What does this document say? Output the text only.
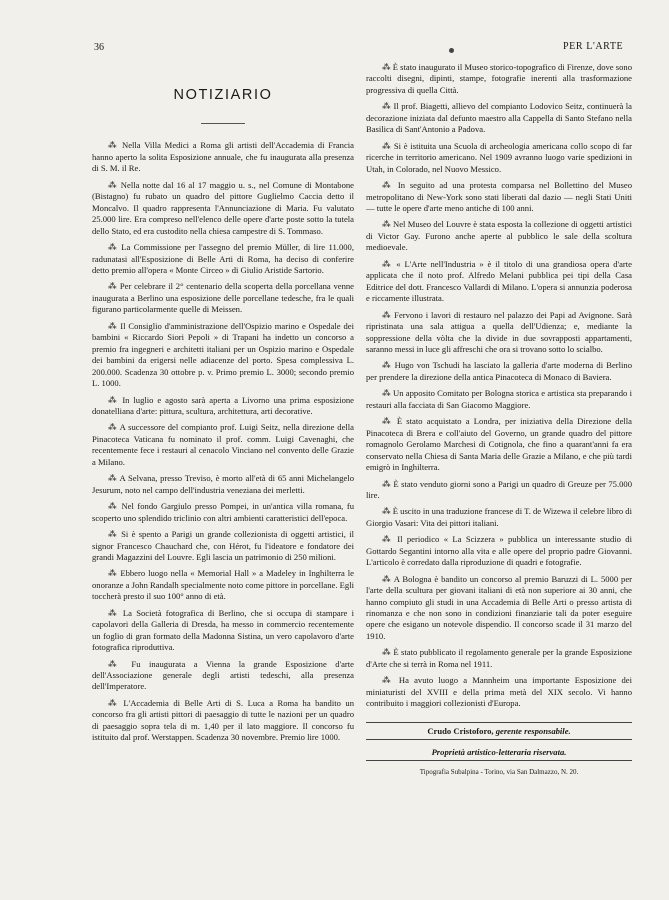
36	PER L'ARTE
NOTIZIARIO

⁂ Nella Villa Medici a Roma gli artisti dell'Accademia di Francia hanno aperto la solita Esposizione annuale, che fu inaugurata alla presenza di S. M. il Re.

⁂ Nella notte dal 16 al 17 maggio u. s., nel Comune di Montabone (Bistagno) fu rubato un quadro del pittore Guglielmo Caccia detto il Moncalvo. Il quadro rappresenta l'Annunciazione di Maria. Fu valutato 25.000 lire. Era compreso nell'elenco delle opere d'arte poste sotto la tutela dello Stato, ed era custodito nella chiesa campestre di S. Tommaso.

⁂ La Commissione per l'assegno del premio Müller, di lire 11.000, radunatasi all'Esposizione di Belle Arti di Roma, ha deciso di conferire detto premio all'opera « Monte Circeo » di Giulio Aristide Sartorio.

⁂ Per celebrare il 2° centenario della scoperta della porcellana venne inaugurata a Berlino una esposizione delle porcellane tedesche, fra le quali figurano particolarmente quelle di Meissen.

⁂ Il Consiglio d'amministrazione dell'Ospizio marino e Ospedale dei bambini « Riccardo Siori Pepoli » di Trapani ha indetto un concorso a premio fra ingegneri e architetti italiani per un Ospizio marino e Ospedale dei bambini da erigersi nelle adiacenze del porto. Spesa complessiva L. 200.000. Scadenza 30 ottobre p. v. Primo premio L. 3000; secondo premio L. 1000.

⁂ In luglio e agosto sarà aperta a Livorno una prima esposizione donatelliana d'arte: pittura, scultura, architettura, arti decorative.

⁂ A successore del compianto prof. Luigi Seitz, nella direzione della Pinacoteca Vaticana fu nominato il prof. comm. Luigi Cavenaghi, che recentemente fece i restauri al cenacolo Vinciano nel convento delle Grazie a Milano.

⁂ A Selvana, presso Treviso, è morto all'età di 65 anni Michelangelo Jesurum, noto nel campo dell'industria veneziana dei merletti.

⁂ Nel fondo Gargiulo presso Pompei, in un'antica villa romana, fu scoperto uno splendido triclinio con altri ambienti caratteristici dell'epoca.

⁂ Si è spento a Parigi un grande collezionista di oggetti artistici, il signor Francesco Chauchard che, con Hérot, fu l'ideatore e fondatore dei grandi Magazzini del Louvre. Egli lascia un patrimonio di 250 milioni.

⁂ Ebbero luogo nella « Memorial Hall » a Madeley in Inghilterra le onoranze a John Randalh specialmente noto come pittore in porcellane. Egli toccherà presto il suo 100° anno di età.

⁂ La Società fotografica di Berlino, che si occupa di stampare i capolavori della Galleria di Dresda, ha messo in commercio recentemente un foglio di gran formato della Madonna Sistina, un vero capolavoro d'arte fotografica riproduttiva.

⁂ Fu inaugurata a Vienna la grande Esposizione d'arte dell'Associazione generale degli artisti tedeschi, alla presenza dell'Imperatore.

⁂ L'Accademia di Belle Arti di S. Luca a Roma ha bandito un concorso fra gli artisti pittori di paesaggio di tutte le nazioni per un quadro di paesaggio sopra tela di m. 1,40 per il lato maggiore. Il concorso fu istituito dal prof. Werstappen. Scadenza 30 novembre. Premio lire 1000.

⁂ È stato inaugurato il Museo storico-topografico di Firenze, dove sono raccolti disegni, dipinti, stampe, fotografie inerenti alla trasformazione progressiva di quella Città.

⁂ Il prof. Biagetti, allievo del compianto Lodovico Seitz, continuerà la decorazione iniziata dal defunto maestro alla Cappella di Santo Stefano nella Basilica di Sant'Antonio a Padova.

⁂ Si è istituita una Scuola di archeologia americana collo scopo di far ricerche in territorio americano. Nel 1909 avranno luogo varie spedizioni in Utah, in Colorado, nel Nuovo Messico.

⁂ In seguito ad una protesta comparsa nel Bollettino del Museo metropolitano di New-York sono stati liberati dal dazio — negli Stati Uniti — tutte le opere d'arte meno antiche di 100 anni.

⁂ Nel Museo del Louvre è stata esposta la collezione di oggetti artistici di Victor Gay. Furono anche aperte al pubblico le sale della scoltura medioevale.

⁂ « L'Arte nell'Industria » è il titolo di una grandiosa opera d'arte applicata che il noto prof. Alfredo Melani pubblica pei tipi della Casa Editrice del dott. Francesco Vallardi di Milano. L'opera si annunzia poderosa e riccamente illustrata.

⁂ Fervono i lavori di restauro nel palazzo dei Papi ad Avignone. Sarà ripristinata una sala attigua a quella dell'Udienza; e, mediante la soppressione della vòlta che la divide in due sovrapposti appartamenti, saranno messi in luce gli affreschi che ora si trovano sotto lo scialbo.

⁂ Hugo von Tschudi ha lasciato la galleria d'arte moderna di Berlino per prendere la direzione della antica Pinacoteca di Monaco di Baviera.

⁂ Un apposito Comitato per Bologna storica e artistica sta preparando i restauri alla facciata di San Giacomo Maggiore.

⁂ È stato acquistato a Londra, per iniziativa della Direzione della Pinacoteca di Brera e coll'aiuto del Governo, un grande quadro del pittore romagnolo Gerolamo Marchesi di Cotignola, che fino a quarant'anni fa era conservato nella Chiesa di Santa Maria delle Grazie a Milano, e che più tardi emigrò in Inghilterra.

⁂ È stato venduto giorni sono a Parigi un quadro di Greuze per 75.000 lire.

⁂ È uscito in una traduzione francese di T. de Wizewa il celebre libro di Giorgio Vasari: Vita dei pittori italiani.

⁂ Il periodico « La Scizzera » pubblica un interessante studio di Gottardo Segantini intorno alla vita e alle opere del proprio padre Giovanni. L'articolo è corredato dalla riproduzione di quadri e fotografie.

⁂ A Bologna è bandito un concorso al premio Baruzzi di L. 5000 per l'arte della scultura per giovani italiani di età non superiore ai 30 anni, che hanno compiuto gli studi in una Accademia di Belle Arti o presso artista di rinomanza e che non sono in condizioni finanziarie tali da poter eseguire opere che esigano un notevole dispendio. Il concorso scade il 31 marzo del 1910.

⁂ È stato pubblicato il regolamento generale per la grande Esposizione d'Arte che si terrà in Roma nel 1911.

⁂ Ha avuto luogo a Mannheim una importante Esposizione dei miniaturisti del XVIII e della prima metà del XIX secolo. Vi hanno contribuito i maggiori collezionisti d'Europa.

Crudo Cristoforo, gerente responsabile.
Proprietà artistico-letteraria riservata.
Tipografia Subalpina - Torino, via San Dalmazzo, N. 20.
